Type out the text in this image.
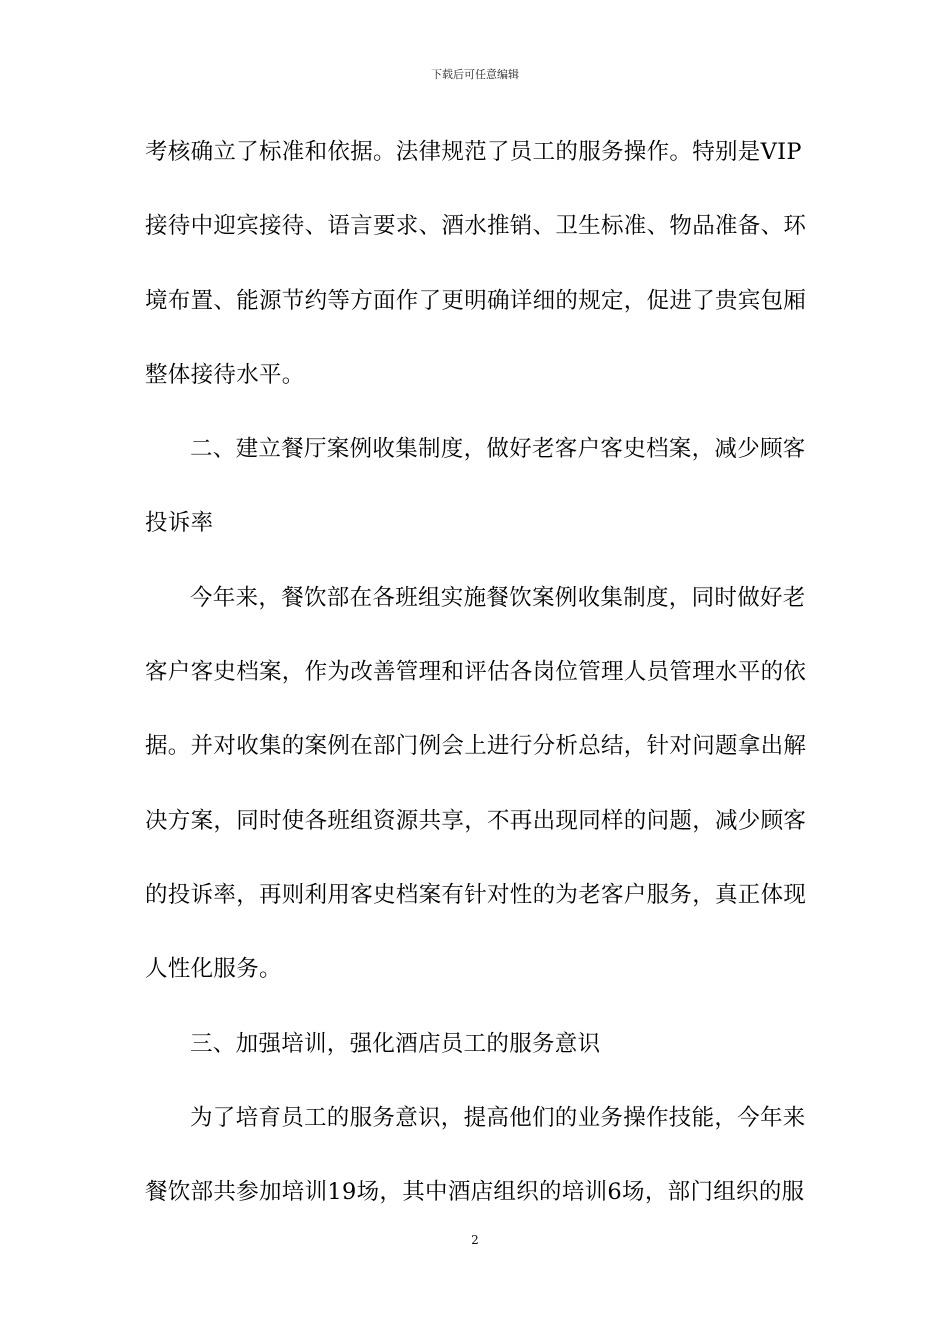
下载后可任意编辑
考核确立了标准和依据。法律规范了员工的服务操作。特别是VIP
接待中迎宾接待、语言要求、酒水推销、卫生标准、物品准备、环
境布置、能源节约等方面作了更明确详细的规定，促进了贵宾包厢
整体接待水平。
二、建立餐厅案例收集制度，做好老客户客史档案，减少顾客
投诉率
今年来，餐饮部在各班组实施餐饮案例收集制度，同时做好老
客户客史档案，作为改善管理和评估各岗位管理人员管理水平的依
据。并对收集的案例在部门例会上进行分析总结，针对问题拿出解
决方案，同时使各班组资源共享，不再出现同样的问题，减少顾客
的投诉率，再则利用客史档案有针对性的为老客户服务，真正体现
人性化服务。
三、加强培训，强化酒店员工的服务意识
为了培育员工的服务意识，提高他们的业务操作技能，今年来
餐饮部共参加培训19场，其中酒店组织的培训6场，部门组织的服
2
